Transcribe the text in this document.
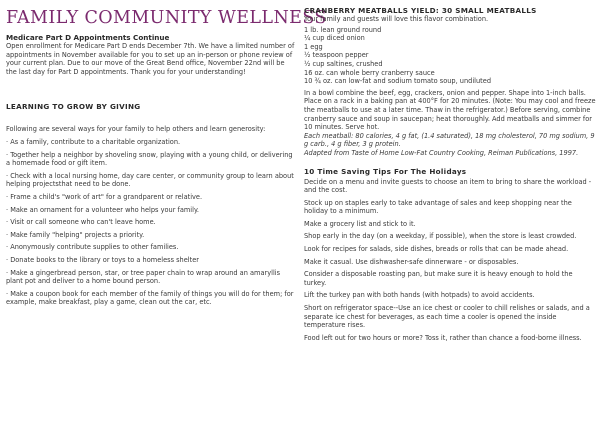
FAMILY COMMUNITY WELLNESS
Medicare Part D Appointments Continue

Open enrollment for Medicare Part D ends December 7th. We have a limited number of appointments in November available for you to set up an in-person or phone review of your current plan. Due to our move of the Great Bend office, November 22nd will be the last day for Part D appointments. Thank you for your understanding!

LEARNING TO GROW BY GIVING

Following are several ways for your family to help others and learn generosity:

· As a family, contribute to a charitable organization.
· Together help a neighbor by shoveling snow, playing with a young child, or delivering a homemade food or gift item.
· Check with a local nursing home, day care center, or community group to learn about helping projectsthat need to be done.
· Frame a child's "work of art" for a grandparent or relative.
· Make an ornament for a volunteer who helps your family.
· Visit or call someone who can't leave home.
· Make family "helping" projects a priority.
· Anonymously contribute supplies to other families.
· Donate books to the library or toys to a homeless shelter
· Make a gingerbread person, star, or tree paper chain to wrap around an amaryllis plant pot and deliver to a home bound person.
· Make a coupon book for each member of the family of things you will do for them; for example, make breakfast, play a game, clean out the car, etc.
CRANBERRY MEATBALLS YIELD: 30 SMALL MEATBALLS

Your family and guests will love this flavor combination.

1 lb. lean ground round
¼ cup diced onion
1 egg
½ teaspoon pepper
½ cup saltines, crushed
16 oz. can whole berry cranberry sauce
10 ¾ oz. can low-fat and sodium tomato soup, undiluted

In a bowl combine the beef, egg, crackers, onion and pepper. Shape into 1-inch balls. Place on a rack in a baking pan at 400°F for 20 minutes. (Note: You may cool and freeze the meatballs to use at a later time. Thaw in the refrigerator.) Before serving, combine cranberry sauce and soup in saucepan; heat thoroughly. Add meatballs and simmer for 10 minutes. Serve hot.

Each meatball: 80 calories, 4 g fat, (1.4 saturated), 18 mg cholesterol, 70 mg sodium, 9 g carb., 4 g fiber, 3 g protein.

Adapted from Taste of Home Low-Fat Country Cooking, Reiman Publications, 1997.

10 Time Saving Tips For The Holidays
Decide on a menu and invite guests to choose an item to bring to share the workload - and the cost.
Stock up on staples early to take advantage of sales and keep shopping near the holiday to a minimum.
Make a grocery list and stick to it.
Shop early in the day (on a weekday, if possible), when the store is least crowded.
Look for recipes for salads, side dishes, breads or rolls that can be made ahead.
Make it casual. Use dishwasher-safe dinnerware - or disposables.
Consider a disposable roasting pan, but make sure it is heavy enough to hold the turkey.
Lift the turkey pan with both hands (with hotpads) to avoid accidents.
Short on refrigerator space--Use an ice chest or cooler to chill relishes or salads, and a separate ice chest for beverages, as each time a cooler is opened the inside temperature rises.
Food left out for two hours or more? Toss it, rather than chance a food-borne illness.
